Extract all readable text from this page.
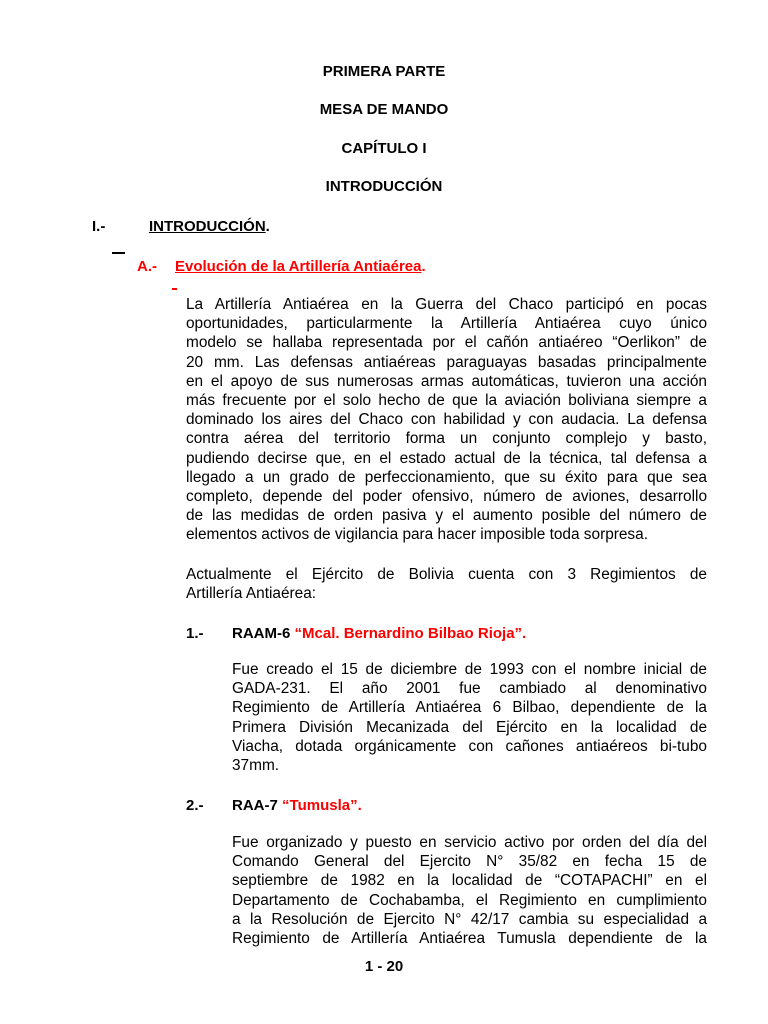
PRIMERA PARTE
MESA DE MANDO
CAPÍTULO I
INTRODUCCIÓN
I.-	INTRODUCCIÓN.
A.- Evolución de la Artillería Antiaérea.
La Artillería Antiaérea en la Guerra del Chaco participó en pocas
oportunidades, particularmente la Artillería Antiaérea cuyo único
modelo se hallaba representada por el cañón antiaéreo “Oerlikon” de
20 mm. Las defensas antiaéreas paraguayas basadas principalmente
en el apoyo de sus numerosas armas automáticas, tuvieron una acción
más frecuente por el solo hecho de que la aviación boliviana siempre a
dominado los aires del Chaco con habilidad y con audacia. La defensa
contra aérea del territorio forma un conjunto complejo y basto,
pudiendo decirse que, en el estado actual de la técnica, tal defensa a
llegado a un grado de perfeccionamiento, que su éxito para que sea
completo, depende del poder ofensivo, número de aviones, desarrollo
de las medidas de orden pasiva y el aumento posible del número de
elementos activos de vigilancia para hacer imposible toda sorpresa.
Actualmente el Ejército de Bolivia cuenta con 3 Regimientos de
Artillería Antiaérea:
1.- RAAM-6 “Mcal. Bernardino Bilbao Rioja”.
Fue creado el 15 de diciembre de 1993 con el nombre inicial de
GADA-231. El año 2001 fue cambiado al denominativo
Regimiento de Artillería Antiaérea 6 Bilbao, dependiente de la
Primera División Mecanizada del Ejército en la localidad de
Viacha, dotada orgánicamente con cañones antiaéreos bi-tubo
37mm.
2.- RAA-7 “Tumusla”.
Fue organizado y puesto en servicio activo por orden del día del
Comando General del Ejercito N° 35/82 en fecha 15 de
septiembre de 1982 en la localidad de “COTAPACHI” en el
Departamento de Cochabamba, el Regimiento en cumplimiento
a la Resolución de Ejercito N° 42/17 cambia su especialidad a
Regimiento de Artillería Antiaérea Tumusla dependiente de la
1 - 20
